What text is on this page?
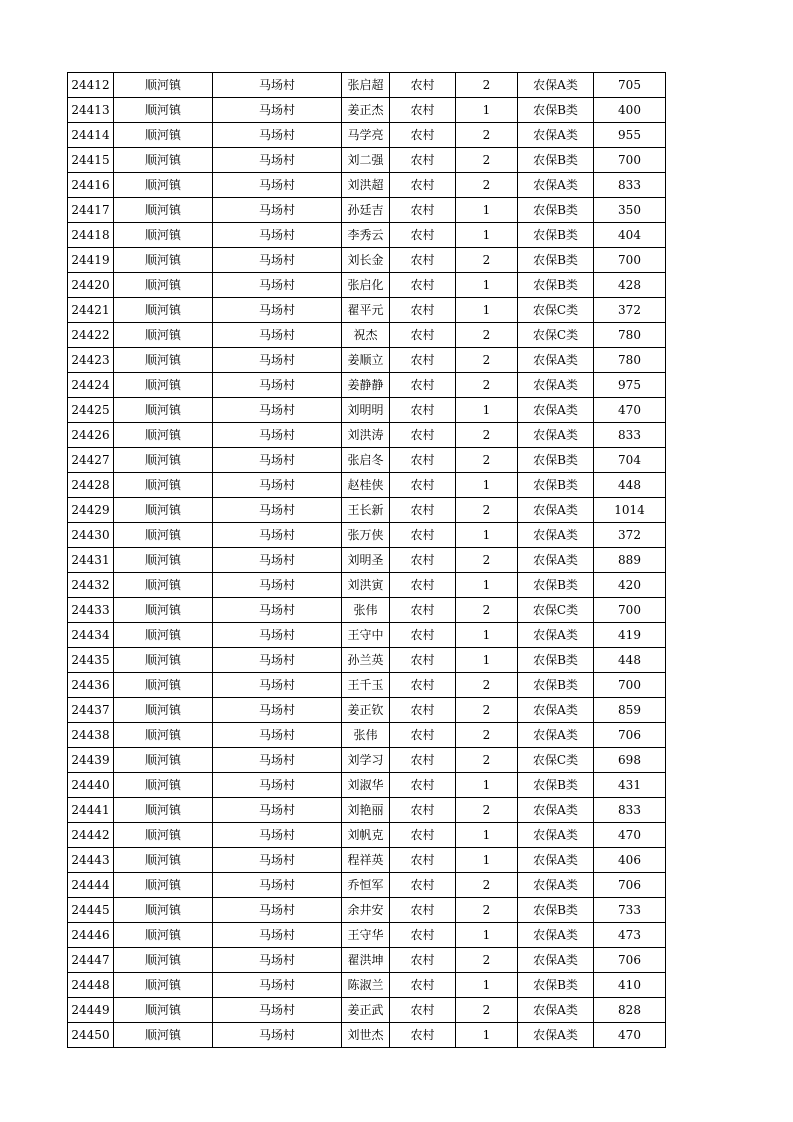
24412	顺河镇	马场村	张启超	农村	2	农保A类	705
24413	顺河镇	马场村	姜正杰	农村	1	农保B类	400
24414	顺河镇	马场村	马学亮	农村	2	农保A类	955
24415	顺河镇	马场村	刘二强	农村	2	农保B类	700
24416	顺河镇	马场村	刘洪超	农村	2	农保A类	833
24417	顺河镇	马场村	孙廷吉	农村	1	农保B类	350
24418	顺河镇	马场村	李秀云	农村	1	农保B类	404
24419	顺河镇	马场村	刘长金	农村	2	农保B类	700
24420	顺河镇	马场村	张启化	农村	1	农保B类	428
24421	顺河镇	马场村	翟平元	农村	1	农保C类	372
24422	顺河镇	马场村	祝杰	农村	2	农保C类	780
24423	顺河镇	马场村	姜顺立	农村	2	农保A类	780
24424	顺河镇	马场村	姜静静	农村	2	农保A类	975
24425	顺河镇	马场村	刘明明	农村	1	农保A类	470
24426	顺河镇	马场村	刘洪涛	农村	2	农保A类	833
24427	顺河镇	马场村	张启冬	农村	2	农保B类	704
24428	顺河镇	马场村	赵桂侠	农村	1	农保B类	448
24429	顺河镇	马场村	王长新	农村	2	农保A类	1014
24430	顺河镇	马场村	张万侠	农村	1	农保A类	372
24431	顺河镇	马场村	刘明圣	农村	2	农保A类	889
24432	顺河镇	马场村	刘洪寅	农村	1	农保B类	420
24433	顺河镇	马场村	张伟	农村	2	农保C类	700
24434	顺河镇	马场村	王守中	农村	1	农保A类	419
24435	顺河镇	马场村	孙兰英	农村	1	农保B类	448
24436	顺河镇	马场村	王千玉	农村	2	农保B类	700
24437	顺河镇	马场村	姜正钦	农村	2	农保A类	859
24438	顺河镇	马场村	张伟	农村	2	农保A类	706
24439	顺河镇	马场村	刘学习	农村	2	农保C类	698
24440	顺河镇	马场村	刘淑华	农村	1	农保B类	431
24441	顺河镇	马场村	刘艳丽	农村	2	农保A类	833
24442	顺河镇	马场村	刘帆克	农村	1	农保A类	470
24443	顺河镇	马场村	程祥英	农村	1	农保A类	406
24444	顺河镇	马场村	乔恒军	农村	2	农保A类	706
24445	顺河镇	马场村	余井安	农村	2	农保B类	733
24446	顺河镇	马场村	王守华	农村	1	农保A类	473
24447	顺河镇	马场村	翟洪坤	农村	2	农保A类	706
24448	顺河镇	马场村	陈淑兰	农村	1	农保B类	410
24449	顺河镇	马场村	姜正武	农村	2	农保A类	828
24450	顺河镇	马场村	刘世杰	农村	1	农保A类	470
